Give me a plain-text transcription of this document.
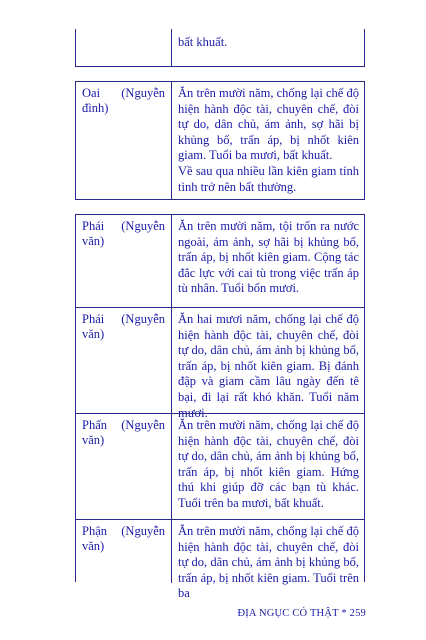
bất khuất.

Oai (Nguyễn
đình)

Ăn trên mười năm, chống lại chế độ hiện hành độc tài, chuyên chế, đòi tự do, dân chủ, ám ảnh, sợ hãi bị khủng bố, trấn áp, bị nhốt kiên giam. Tuổi ba mươi, bất khuất.

Về sau qua nhiều lần kiên giam tính tình trở nên bất thường.

Phái (Nguyễn
văn)

Ăn trên mười năm, tội trốn ra nước ngoài, ám ảnh, sợ hãi bị khủng bố, trấn áp, bị nhốt kiên giam. Cộng tác đắc lực với cai tù trong việc trấn áp tù nhân. Tuổi bốn mươi.

Phái (Nguyễn
văn)

Ăn hai mươi năm, chống lại chế độ hiện hành độc tài, chuyên chế, đòi tự do, dân chủ, ám ảnh bị khủng bố, trấn áp, bị nhốt kiên giam. Bị đánh đập và giam cầm lâu ngày đến tê bại, đi lại rất khó khăn. Tuổi năm mươi.

Phấn (Nguyễn
văn)

Ăn trên mười năm, chống lại chế độ hiện hành độc tài, chuyên chế, đòi tự do, dân chủ, ám ảnh bị khủng bố, trấn áp, bị nhốt kiên giam. Hứng thú khi giúp đỡ các bạn tù khác. Tuổi trên ba mươi, bất khuất.

Phận (Nguyễn
văn)

Ăn trên mười năm, chống lại chế độ hiện hành độc tài, chuyên chế, đòi tự do, dân chủ, ám ảnh bị khủng bố, trấn áp, bị nhốt kiên giam. Tuổi trên ba

ĐỊA NGỤC CÓ THẬT * 259
